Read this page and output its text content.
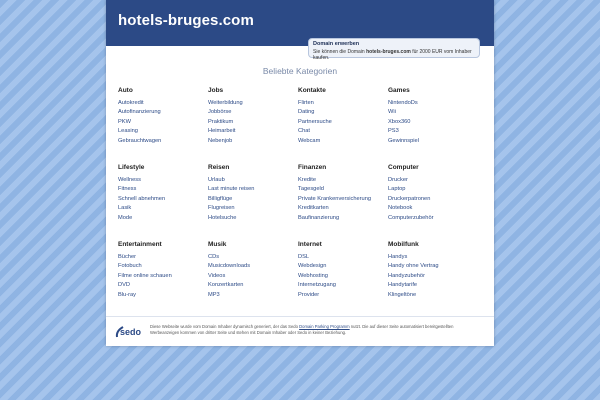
hotels-bruges.com
Domain erwerben
Sie können die Domain hotels-bruges.com für 2000 EUR vom Inhaber kaufen.
Beliebte Kategorien
Auto
Autokredit
Autofinanzierung
PKW
Leasing
Gebrauchtwagen
Jobs
Weiterbildung
Jobbörse
Praktikum
Heimarbeit
Nebenjob
Kontakte
Flirten
Dating
Partnersuche
Chat
Webcam
Games
NintendoDs
Wii
Xbox360
PS3
Gewinnspiel
Lifestyle
Wellness
Fitness
Schnell abnehmen
Lasik
Mode
Reisen
Urlaub
Last minute reisen
Billigflüge
Flugreisen
Hotelsuche
Finanzen
Kredite
Tagesgeld
Private Krankenversicherung
Kreditkarten
Baufinanzierung
Computer
Drucker
Laptop
Druckerpatronen
Notebook
Computerzubehör
Entertainment
Bücher
Fotobuch
Filme online schauen
DVD
Blu-ray
Musik
CDs
Musicdownloads
Videos
Konzertkarten
MP3
Internet
DSL
Webdesign
Webhosting
Internetzugang
Provider
Mobilfunk
Handys
Handy ohne Vertrag
Handyzubehör
Handytarife
Klingeltöne
sedo
Diese Webseite wurde vom Domain Inhaber dynamisch generiert, der das Sedo Domain Parking Programm nutzt. Die auf dieser Seite automatisiert bereitgestellten Werbeanzeigen kommen von dritter Seite und stehen mit Domain Inhaber oder Sedo in keiner Beziehung.
